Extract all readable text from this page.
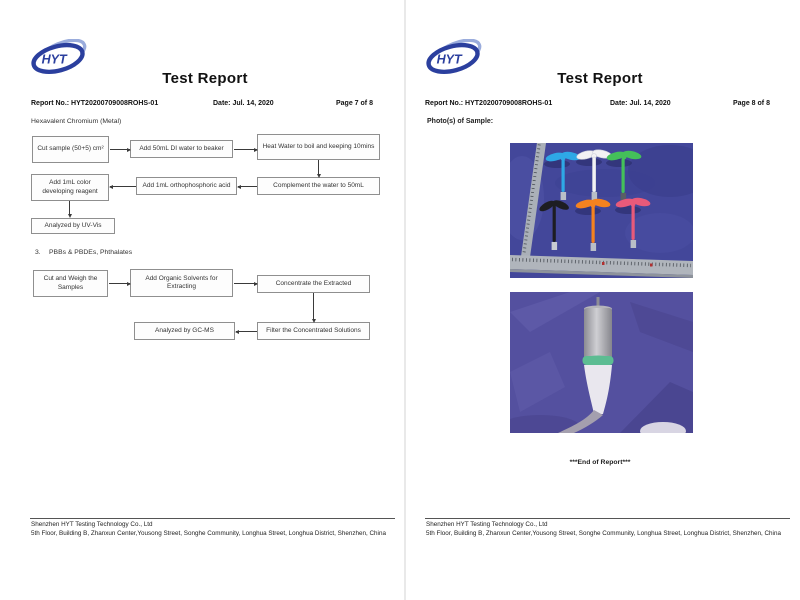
HYT
Test Report
Report No.: HYT20200709008ROHS-01	Date: Jul. 14, 2020	Page 7 of 8
Hexavalent Chromium (Metal)
Cut sample (50+5) cm²	Add 50mL DI water to beaker	Heat Water to boil and keeping 10mins
Complement the water to 50mL
Add 1mL orthophosphoric acid
Add 1mL color developing reagent
Analyzed by UV-Vis
3. PBBs & PBDEs, Phthalates
Cut and Weigh the Samples
Add Organic Solvents for Extracting	Concentrate the Extracted
Filter the Concentrated Solutions
Analyzed by GC-MS
Shenzhen HYT Testing Technology Co., Ltd
5th Floor, Building B, Zhanxun Center,Yousong Street, Songhe Community, Longhua Street, Longhua District, Shenzhen, China
HYT
Test Report
Report No.: HYT20200709008ROHS-01	Date: Jul. 14, 2020	Page 8 of 8
Photo(s) of Sample:
***End of Report***
Shenzhen HYT Testing Technology Co., Ltd
5th Floor, Building B, Zhanxun Center,Yousong Street, Songhe Community, Longhua Street, Longhua District, Shenzhen, China
